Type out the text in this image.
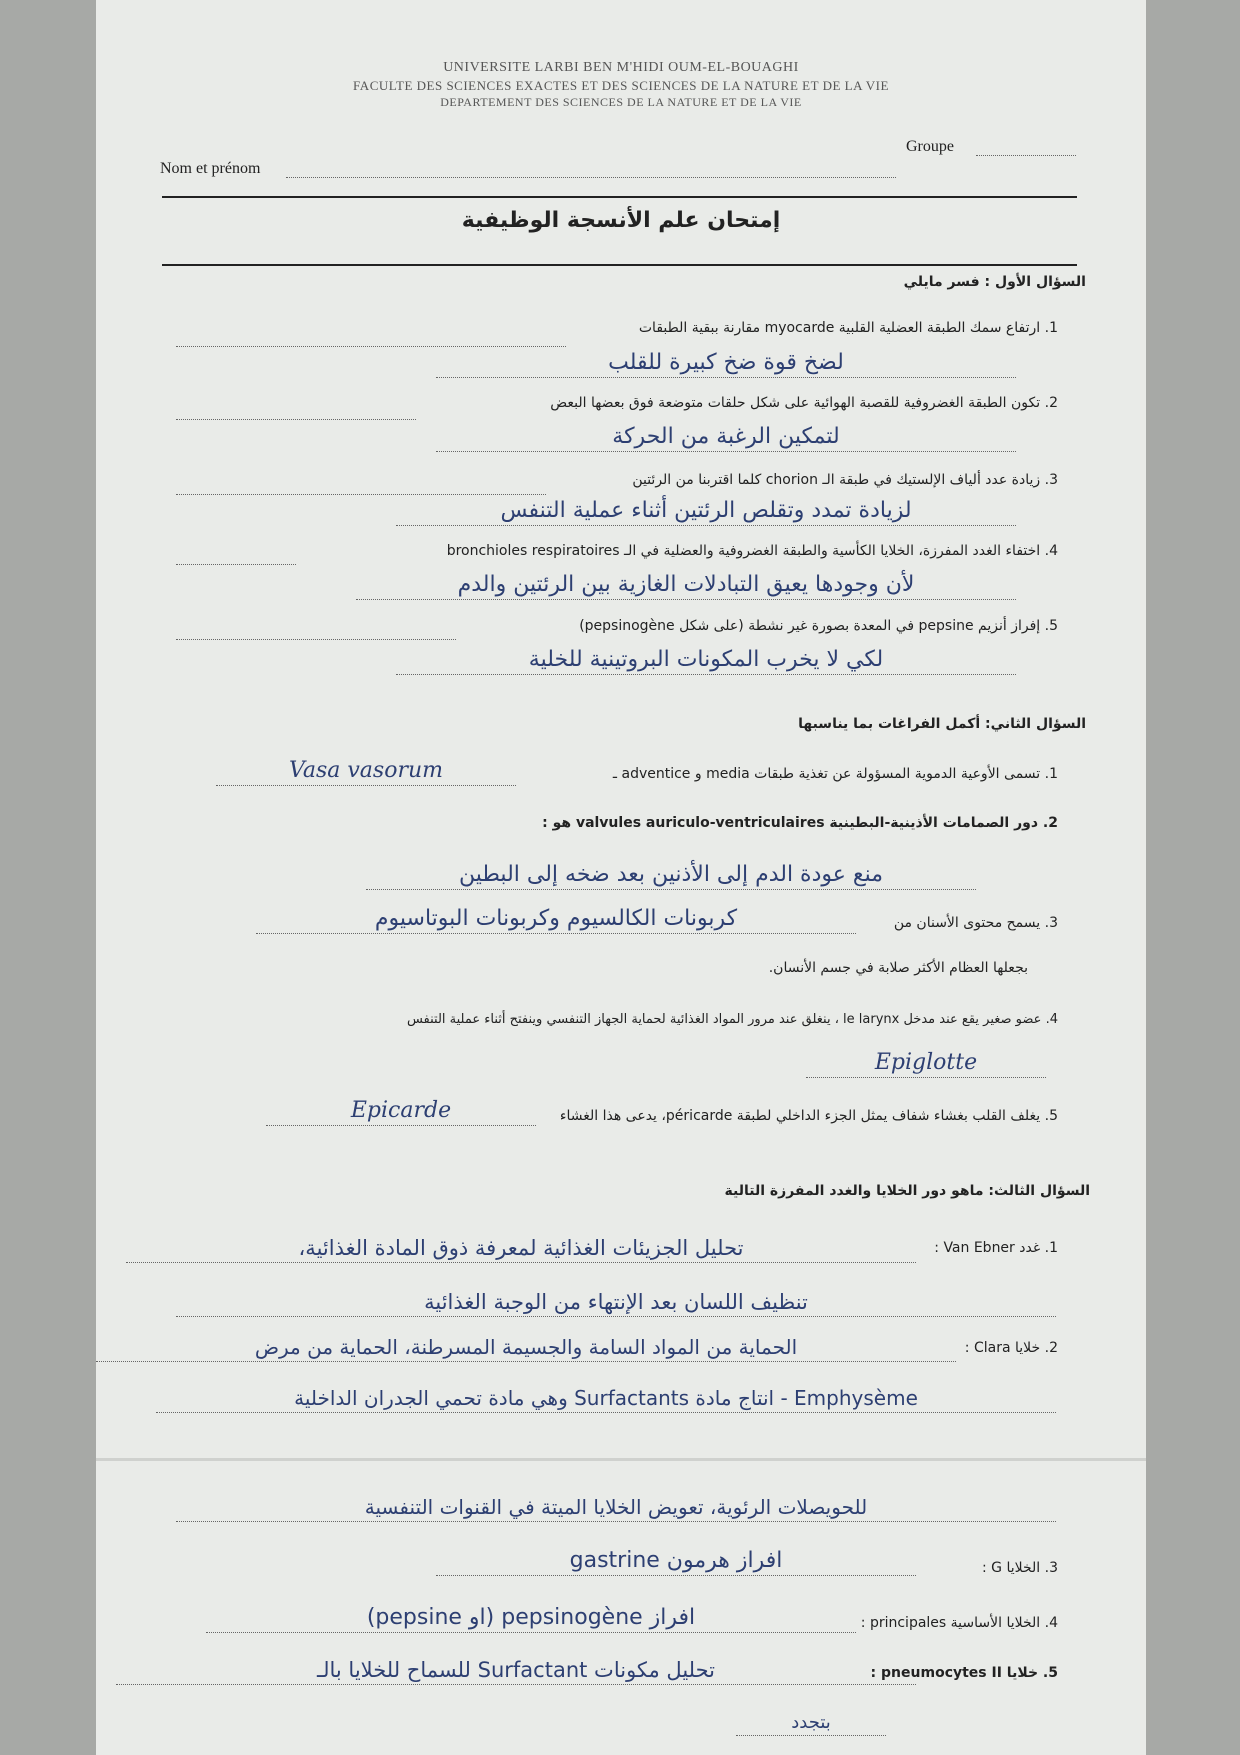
UNIVERSITE LARBI BEN M'HIDI OUM-EL-BOUAGHI
FACULTE DES SCIENCES EXACTES ET DES SCIENCES DE LA NATURE ET DE LA VIE
DEPARTEMENT DES SCIENCES DE LA NATURE ET DE LA VIE
Nom et prénom
Groupe
إمتحان علم الأنسجة الوظيفية
السؤال الأول : فسر مايلي
1. ارتفاع سمك الطبقة العضلية القلبية myocarde مقارنة ببقية الطبقات
لضخ قوة ضخ كبيرة للقلب
2. تكون الطبقة الغضروفية للقصبة الهوائية على شكل حلقات متوضعة فوق بعضها البعض
لتمكين الرغبة من الحركة
3. زيادة عدد ألياف الإلستيك في طبقة الـ chorion كلما اقتربنا من الرئتين
لزيادة تمدد وتقلص الرئتين أثناء عملية التنفس
4. اختفاء الغدد المفرزة، الخلايا الكأسية والطبقة الغضروفية والعضلية في الـ bronchioles respiratoires
لأن وجودها يعيق التبادلات الغازية بين الرئتين والدم
5. إفراز أنزيم pepsine في المعدة بصورة غير نشطة (على شكل pepsinogène)
لكي لا يخرب المكونات البروتينية للخلية
السؤال الثاني: أكمل الفراغات بما يناسبها
1. تسمى الأوعية الدموية المسؤولة عن تغذية طبقات media و adventice ـ
Vasa vasorum
2. دور الصمامات الأذينية-البطينية valvules auriculo-ventriculaires هو :
منع عودة الدم إلى الأذنين بعد ضخه إلى البطين
3. يسمح محتوى الأسنان من
كربونات الكالسيوم وكربونات البوتاسيوم
بجعلها العظام الأكثر صلابة في جسم الأنسان.
4. عضو صغير يقع عند مدخل le larynx ، ينغلق عند مرور المواد الغذائية لحماية الجهاز التنفسي وينفتح أثناء عملية التنفس
Epiglotte
5. يغلف القلب بغشاء شفاف يمثل الجزء الداخلي لطبقة péricarde، يدعى هذا الغشاء
Epicarde
السؤال الثالث: ماهو دور الخلايا والغدد المفرزة التالية
1. غدد Van Ebner :
تحليل الجزيئات الغذائية لمعرفة ذوق المادة الغذائية،
تنظيف اللسان بعد الإنتهاء من الوجبة الغذائية
2. خلايا Clara :
الحماية من المواد السامة والجسيمة المسرطنة، الحماية من مرض
Emphysème - انتاج مادة Surfactants وهي مادة تحمي الجدران الداخلية
للحويصلات الرئوية، تعويض الخلايا الميتة في القنوات التنفسية
3. الخلايا G :
افراز هرمون gastrine
4. الخلايا الأساسية principales :
افراز pepsinogène (او pepsine)
5. خلايا pneumocytes II :
تحليل مكونات Surfactant للسماح للخلايا بالـ
بتجدد
